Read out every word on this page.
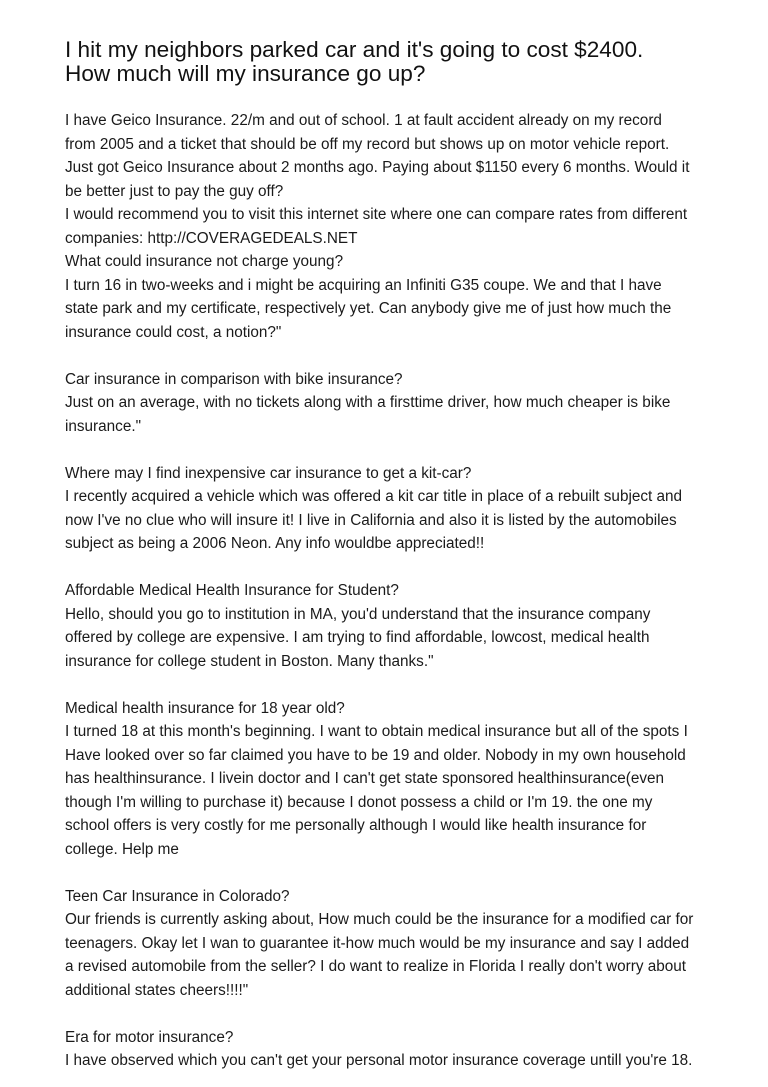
I hit my neighbors parked car and it's going to cost $2400.
How much will my insurance go up?
I have Geico Insurance. 22/m and out of school. 1 at fault accident already on my record
from 2005 and a ticket that should be off my record but shows up on motor vehicle report.
Just got Geico Insurance about 2 months ago. Paying about $1150 every 6 months. Would it
be better just to pay the guy off?
I would recommend you to visit this internet site where one can compare rates from different
companies: http://COVERAGEDEALS.NET
What could insurance not charge young?
I turn 16 in two-weeks and i might be acquiring an Infiniti G35 coupe. We and that I have
state park and my certificate, respectively yet. Can anybody give me of just how much the
insurance could cost, a notion?"
Car insurance in comparison with bike insurance?
Just on an average, with no tickets along with a firsttime driver, how much cheaper is bike
insurance."
Where may I find inexpensive car insurance to get a kit-car?
I recently acquired a vehicle which was offered a kit car title in place of a rebuilt subject and
now I've no clue who will insure it! I live in California and also it is listed by the automobiles
subject as being a 2006 Neon. Any info wouldbe appreciated!!
Affordable Medical Health Insurance for Student?
Hello, should you go to institution in MA, you'd understand that the insurance company
offered by college are expensive. I am trying to find affordable, lowcost, medical health
insurance for college student in Boston. Many thanks."
Medical health insurance for 18 year old?
I turned 18 at this month's beginning. I want to obtain medical insurance but all of the spots I
Have looked over so far claimed you have to be 19 and older. Nobody in my own household
has healthinsurance. I livein doctor and I can't get state sponsored healthinsurance(even
though I'm willing to purchase it) because I donot possess a child or I'm 19. the one my
school offers is very costly for me personally although I would like health insurance for
college. Help me
Teen Car Insurance in Colorado?
Our friends is currently asking about, How much could be the insurance for a modified car for
teenagers. Okay let I wan to guarantee it-how much would be my insurance and say I added
a revised automobile from the seller? I do want to realize in Florida I really don't worry about
additional states cheers!!!!"
Era for motor insurance?
I have observed which you can't get your personal motor insurance coverage untill you're 18.
